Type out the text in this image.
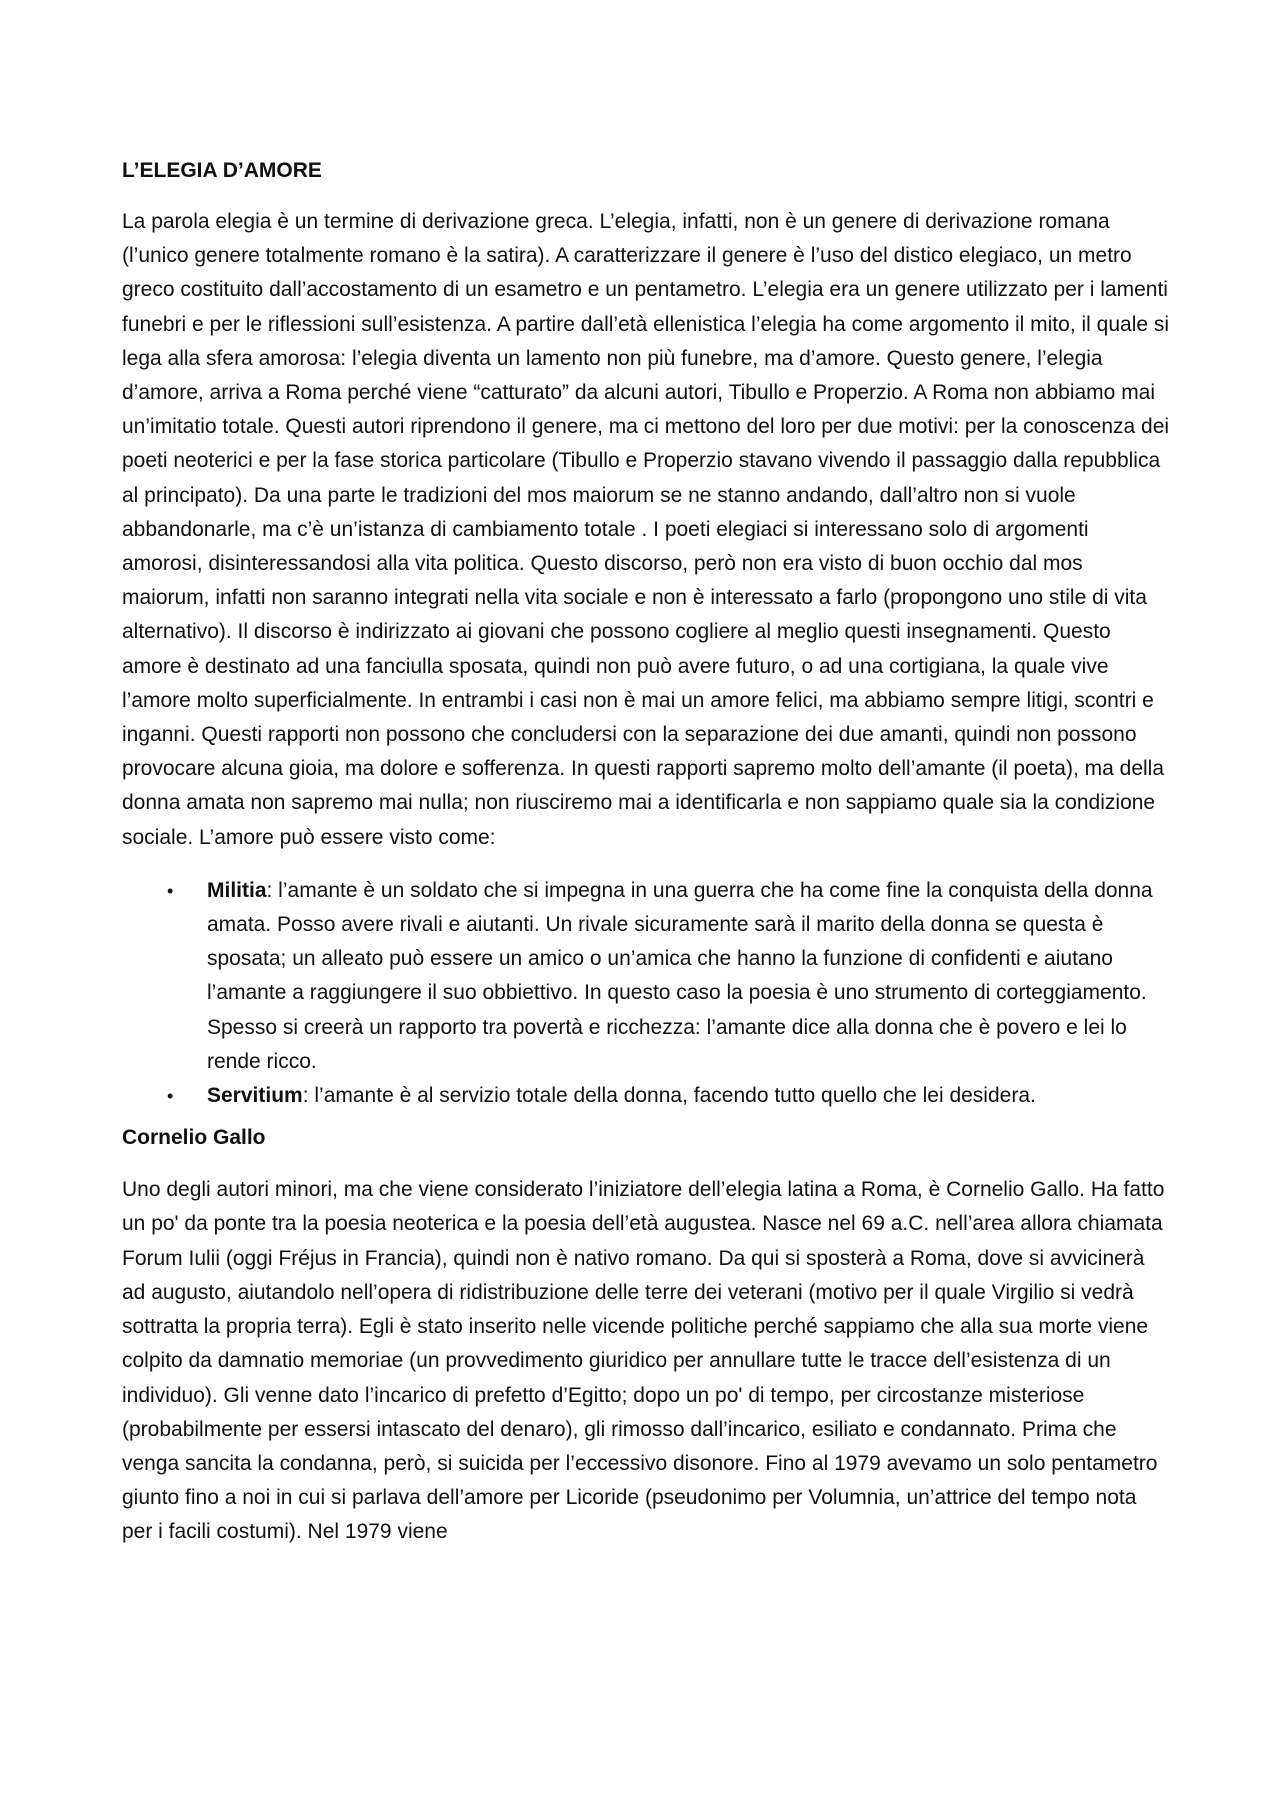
L’ELEGIA D’AMORE

La parola elegia è un termine di derivazione greca. L’elegia, infatti, non è un genere di derivazione romana (l’unico genere totalmente romano è la satira). A caratterizzare il genere è l’uso del distico elegiaco, un metro greco costituito dall’accostamento di un esametro e un pentametro. L’elegia era un genere utilizzato per i lamenti funebri e per le riflessioni sull’esistenza. A partire dall’età ellenistica l’elegia ha come argomento il mito, il quale si lega alla sfera amorosa: l’elegia diventa un lamento non più funebre, ma d’amore. Questo genere, l’elegia d’amore, arriva a Roma perché viene “catturato” da alcuni autori, Tibullo e Properzio. A Roma non abbiamo mai un’imitatio totale. Questi autori riprendono il genere, ma ci mettono del loro per due motivi: per la conoscenza dei poeti neoterici e per la fase storica particolare (Tibullo e Properzio stavano vivendo il passaggio dalla repubblica al principato). Da una parte le tradizioni del mos maiorum se ne stanno andando, dall’altro non si vuole abbandonarle, ma c’è un’istanza di cambiamento totale . I poeti elegiaci si interessano solo di argomenti amorosi, disinteressandosi alla vita politica. Questo discorso, però non era visto di buon occhio dal mos maiorum, infatti non saranno integrati nella vita sociale e non è interessato a farlo (propongono uno stile di vita alternativo). Il discorso è indirizzato ai giovani che possono cogliere al meglio questi insegnamenti. Questo amore è destinato ad una fanciulla sposata, quindi non può avere futuro, o ad una cortigiana, la quale vive l’amore molto superficialmente. In entrambi i casi non è mai un amore felici, ma abbiamo sempre litigi, scontri e inganni. Questi rapporti non possono che concludersi con la separazione dei due amanti, quindi non possono provocare alcuna gioia, ma dolore e sofferenza. In questi rapporti sapremo molto dell’amante (il poeta), ma della donna amata non sapremo mai nulla; non riusciremo mai a identificarla e non sappiamo quale sia la condizione sociale. L’amore può essere visto come:

• Militia: l’amante è un soldato che si impegna in una guerra che ha come fine la conquista della donna amata. Posso avere rivali e aiutanti. Un rivale sicuramente sarà il marito della donna se questa è sposata; un alleato può essere un amico o un’amica che hanno la funzione di confidenti e aiutano l’amante a raggiungere il suo obbiettivo. In questo caso la poesia è uno strumento di corteggiamento. Spesso si creerà un rapporto tra povertà e ricchezza: l’amante dice alla donna che è povero e lei lo rende ricco.
• Servitium: l’amante è al servizio totale della donna, facendo tutto quello che lei desidera.
Cornelio Gallo

Uno degli autori minori, ma che viene considerato l’iniziatore dell’elegia latina a Roma, è Cornelio Gallo. Ha fatto un po' da ponte tra la poesia neoterica e la poesia dell’età augustea. Nasce nel 69 a.C. nell’area allora chiamata Forum Iulii (oggi Fréjus in Francia), quindi non è nativo romano. Da qui si sposterà a Roma, dove si avvicinerà ad augusto, aiutandolo nell’opera di ridistribuzione delle terre dei veterani (motivo per il quale Virgilio si vedrà sottratta la propria terra). Egli è stato inserito nelle vicende politiche perché sappiamo che alla sua morte viene colpito da damnatio memoriae (un provvedimento giuridico per annullare tutte le tracce dell’esistenza di un individuo). Gli venne dato l’incarico di prefetto d’Egitto; dopo un po' di tempo, per circostanze misteriose (probabilmente per essersi intascato del denaro), gli rimosso dall’incarico, esiliato e condannato. Prima che venga sancita la condanna, però, si suicida per l’eccessivo disonore. Fino al 1979 avevamo un solo pentametro giunto fino a noi in cui si parlava dell’amore per Licoride (pseudonimo per Volumnia, un’attrice del tempo nota per i facili costumi). Nel 1979 viene
